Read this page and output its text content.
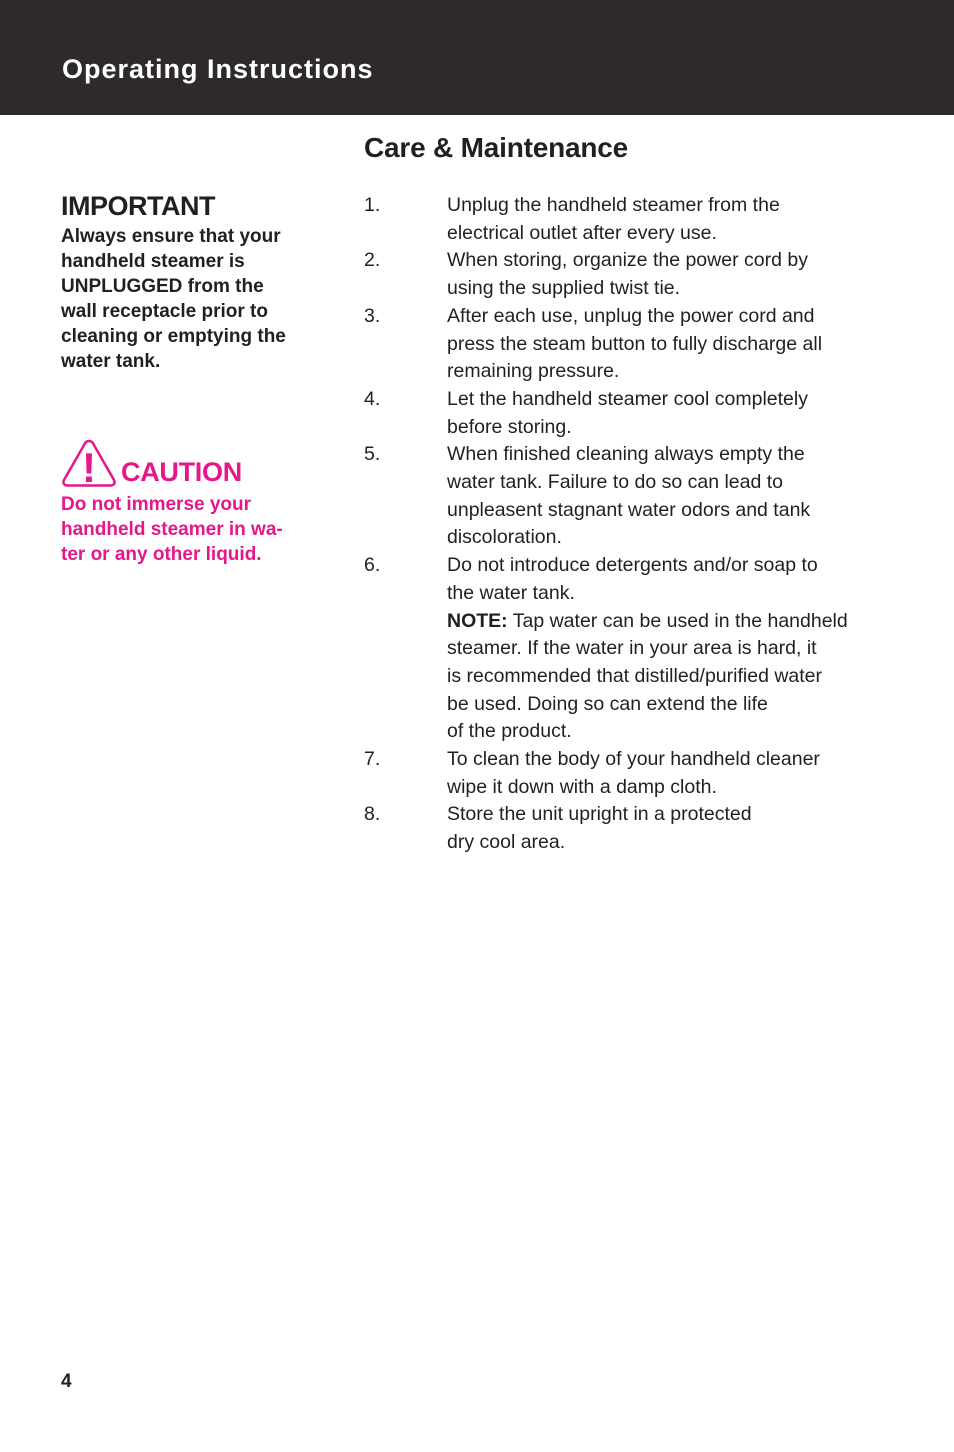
Operating Instructions
IMPORTANT
Always ensure that your
handheld steamer is
UNPLUGGED from the
wall receptacle prior to
cleaning or emptying the
water tank.
! CAUTION
Do not immerse your
handheld steamer in wa-
ter or any other liquid.
Care & Maintenance
1.	Unplug the handheld steamer from the
electrical outlet after every use.
2.	When storing, organize the power cord by
using the supplied twist tie.
3.	After each use, unplug the power cord and
press the steam button to fully discharge all
remaining pressure.
4.	Let the handheld steamer cool completely
before storing.
5.	When finished cleaning always empty the
water tank. Failure to do so can lead to
unpleasent stagnant water odors and tank
discoloration.
6.	Do not introduce detergents and/or soap to
the water tank.
NOTE: Tap water can be used in the handheld
steamer. If the water in your area is hard, it
is recommended that distilled/purified water
be used. Doing so can extend the life
of the product.
7.	To clean the body of your handheld cleaner
wipe it down with a damp cloth.
8.	Store the unit upright in a protected
dry cool area.
4
